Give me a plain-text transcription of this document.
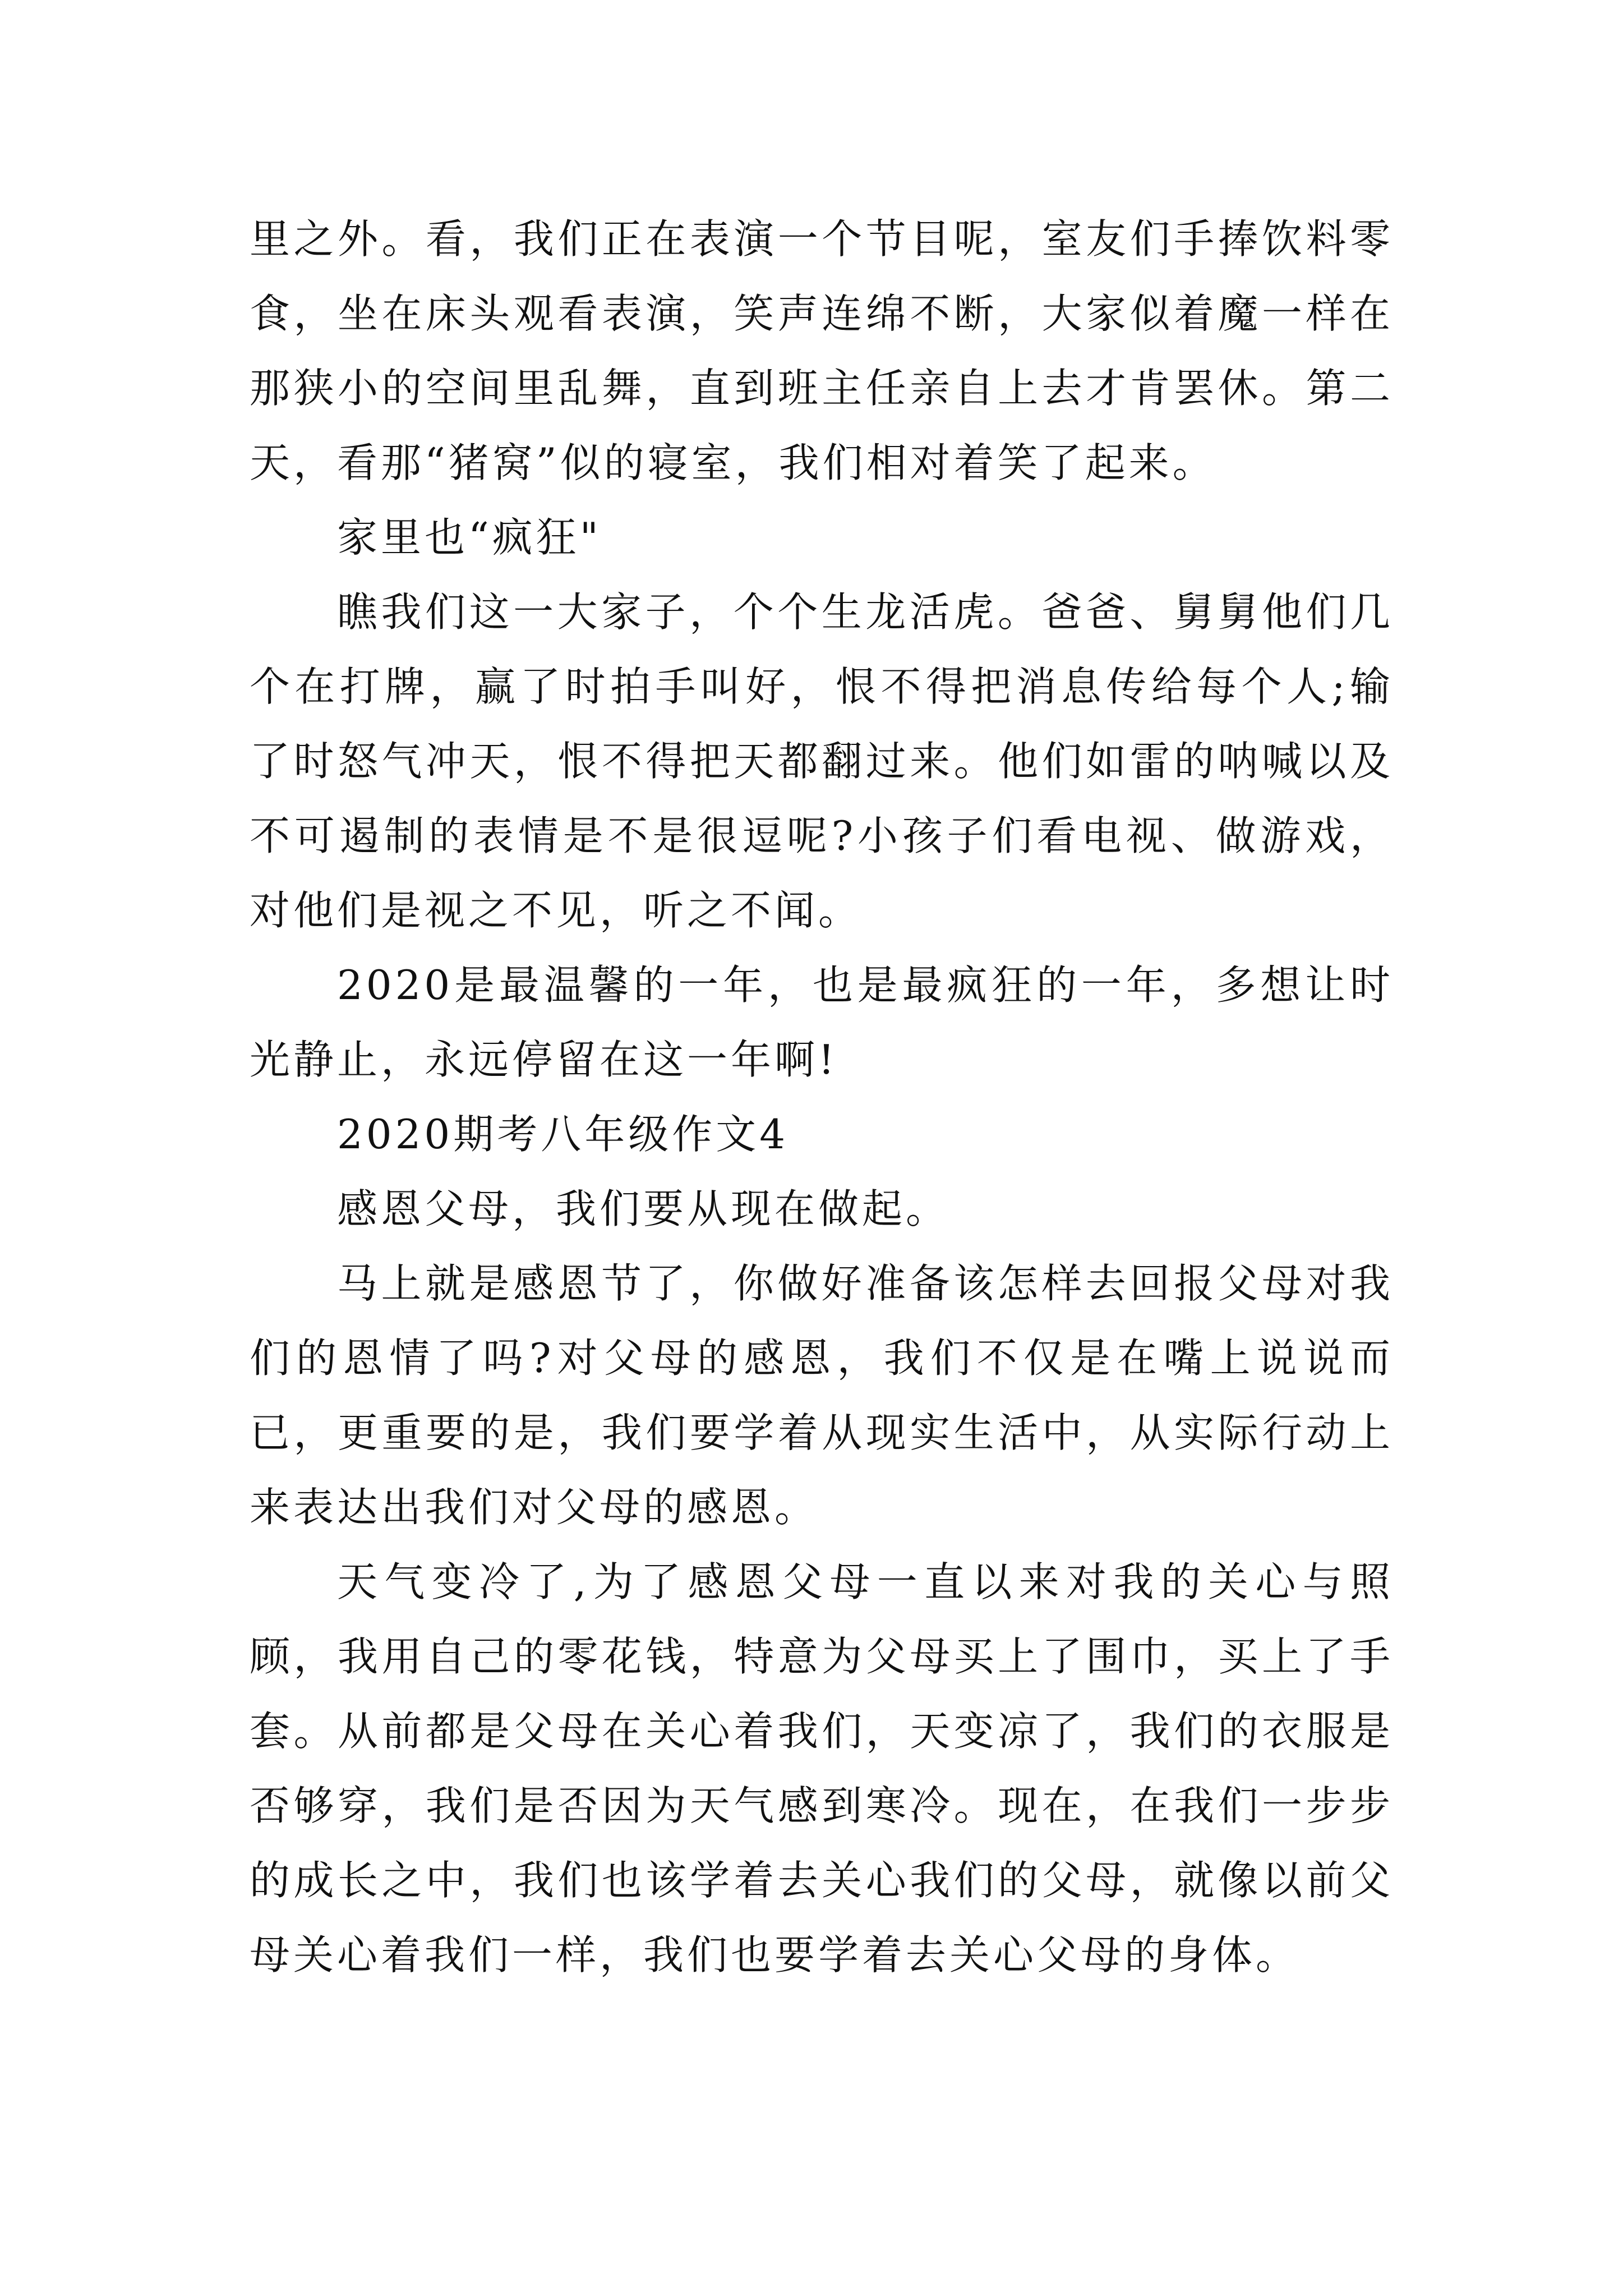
里之外。看，我们正在表演一个节目呢，室友们手捧饮料零食，坐在床头观看表演，笑声连绵不断，大家似着魔一样在那狭小的空间里乱舞，直到班主任亲自上去才肯罢休。第二天，看那“猪窝”似的寝室，我们相对着笑了起来。

家里也“疯狂"

瞧我们这一大家子，个个生龙活虎。爸爸、舅舅他们几个在打牌，赢了时拍手叫好，恨不得把消息传给每个人;输了时怒气冲天，恨不得把天都翻过来。他们如雷的呐喊以及不可遏制的表情是不是很逗呢?小孩子们看电视、做游戏，对他们是视之不见，听之不闻。

2020是最温馨的一年，也是最疯狂的一年，多想让时光静止，永远停留在这一年啊!

2020期考八年级作文4

感恩父母，我们要从现在做起。

马上就是感恩节了，你做好准备该怎样去回报父母对我们的恩情了吗?对父母的感恩，我们不仅是在嘴上说说而已，更重要的是，我们要学着从现实生活中，从实际行动上来表达出我们对父母的感恩。

天气变冷了,为了感恩父母一直以来对我的关心与照顾，我用自己的零花钱，特意为父母买上了围巾，买上了手套。从前都是父母在关心着我们，天变凉了，我们的衣服是否够穿，我们是否因为天气感到寒冷。现在，在我们一步步的成长之中，我们也该学着去关心我们的父母，就像以前父母关心着我们一样，我们也要学着去关心父母的身体。
